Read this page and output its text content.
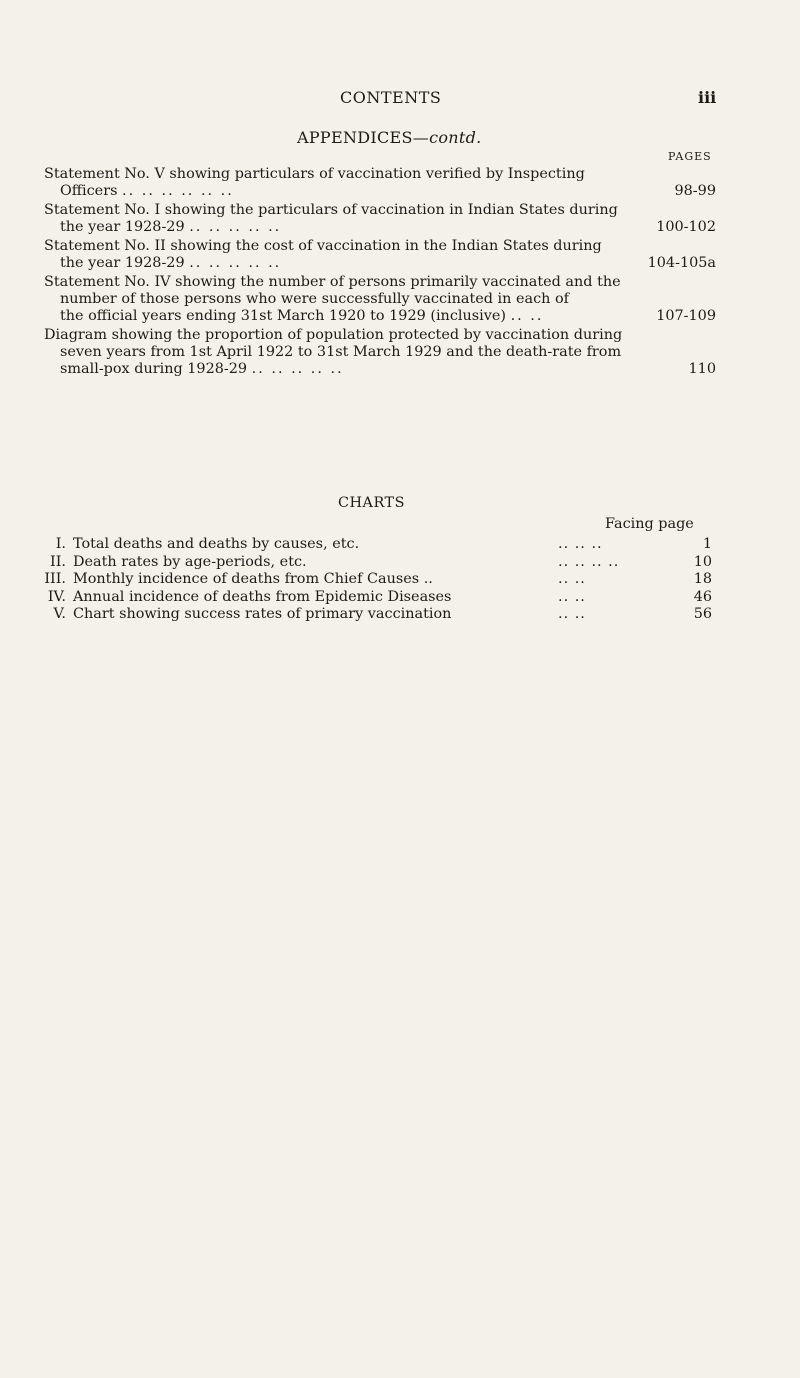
CONTENTS	iii
APPENDICES—contd.
PAGES
Statement No. V showing particulars of vaccination verified by Inspecting
Officers .. .. .. .. .. ..	98-99
Statement No. I showing the particulars of vaccination in Indian States during
the year 1928-29 .. .. .. .. ..	100-102
Statement No. II showing the cost of vaccination in the Indian States during
the year 1928-29 .. .. .. .. ..	104-105a
Statement No. IV showing the number of persons primarily vaccinated and the
number of those persons who were successfully vaccinated in each of
the official years ending 31st March 1920 to 1929 (inclusive) .. ..	107-109
Diagram showing the proportion of population protected by vaccination during
seven years from 1st April 1922 to 31st March 1929 and the death-rate from
small-pox during 1928-29 .. .. .. .. ..	110
CHARTS
Facing page
I. Total deaths and deaths by causes, etc.	.. .. ..	1
II. Death rates by age-periods, etc.	.. .. .. ..	10
III. Monthly incidence of deaths from Chief Causes ..	.. ..	18
IV. Annual incidence of deaths from Epidemic Diseases	.. ..	46
V. Chart showing success rates of primary vaccination	.. ..	56
